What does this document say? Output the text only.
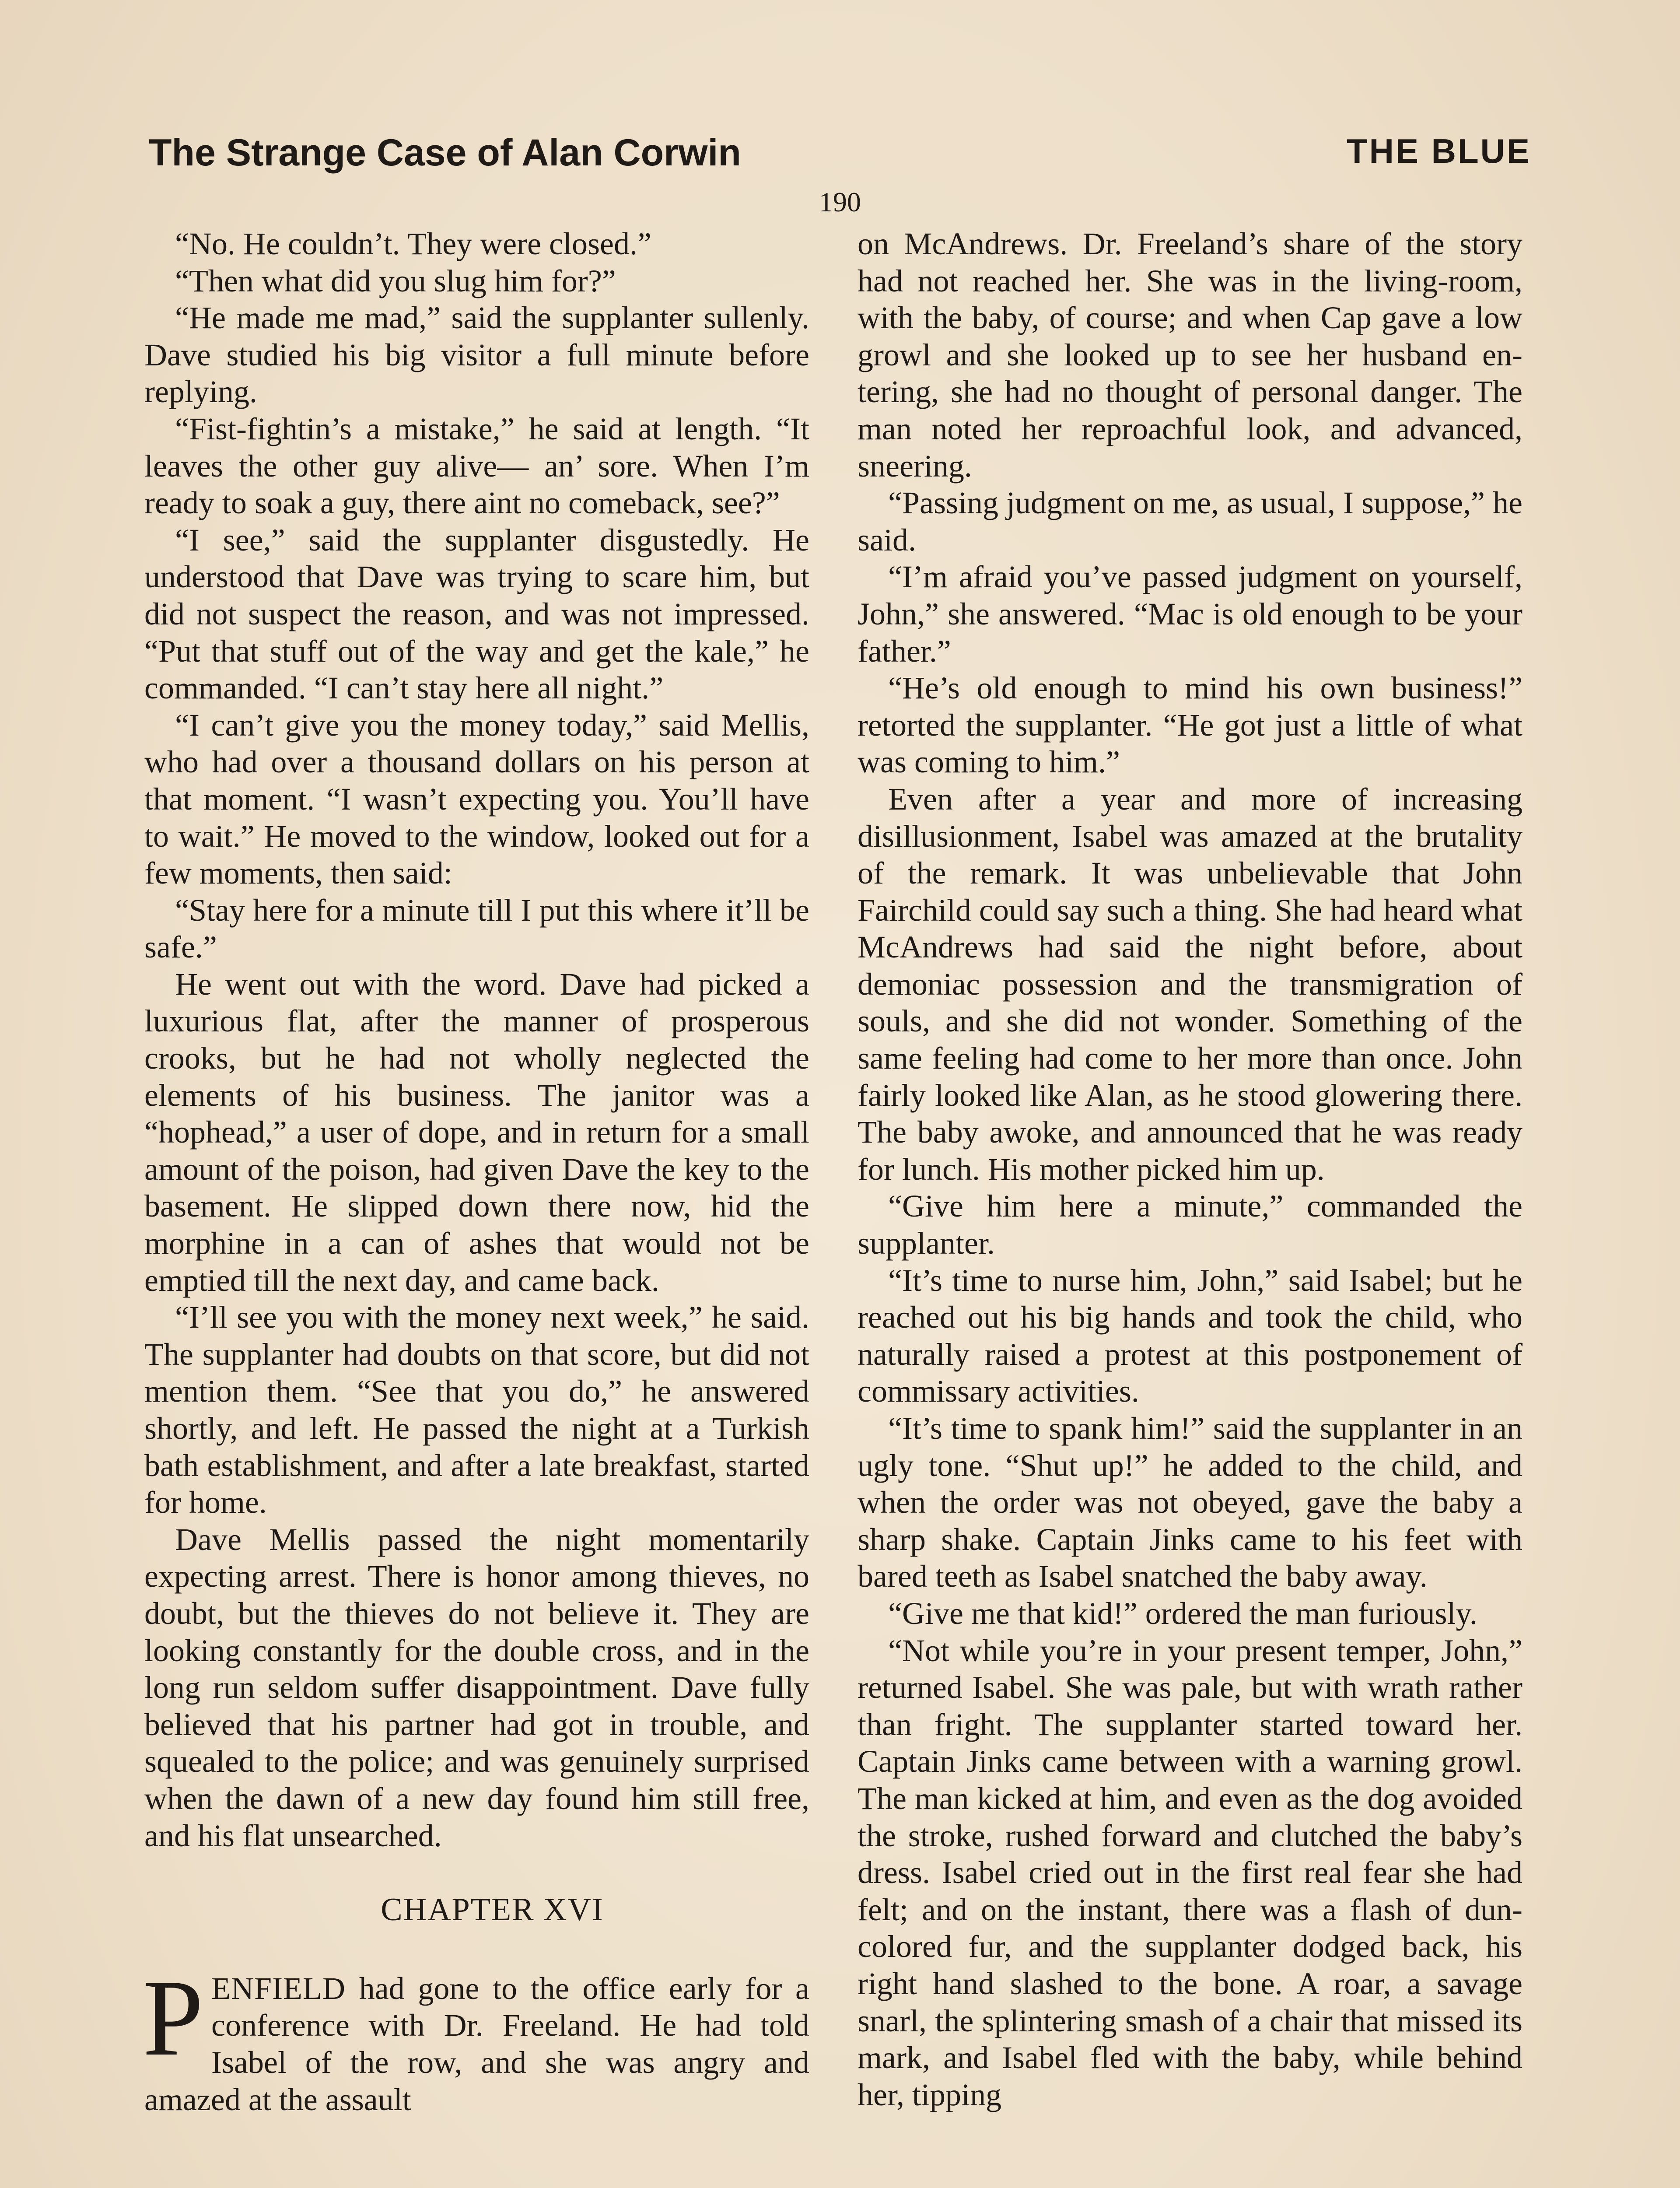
The Strange Case of Alan Corwin	THE BLUE
190

“No. He couldn’t. They were closed.”

“Then what did you slug him for?”

“He made me mad,” said the supplanter sullenly. Dave studied his big visitor a full minute before replying.

“Fist-fightin’s a mistake,” he said at length. “It leaves the other guy alive— an’ sore. When I’m ready to soak a guy, there aint no comeback, see?”

“I see,” said the supplanter disgustedly. He understood that Dave was trying to scare him, but did not suspect the reason, and was not impressed. “Put that stuff out of the way and get the kale,” he commanded. “I can’t stay here all night.”

“I can’t give you the money today,” said Mellis, who had over a thousand dollars on his person at that moment. “I wasn’t expecting you. You’ll have to wait.” He moved to the window, looked out for a few moments, then said:

“Stay here for a minute till I put this where it’ll be safe.”

He went out with the word. Dave had picked a luxurious flat, after the manner of prosperous crooks, but he had not wholly neglected the elements of his business. The janitor was a “hophead,” a user of dope, and in return for a small amount of the poison, had given Dave the key to the basement. He slipped down there now, hid the morphine in a can of ashes that would not be emptied till the next day, and came back.

“I’ll see you with the money next week,” he said. The supplanter had doubts on that score, but did not mention them. “See that you do,” he answered shortly, and left. He passed the night at a Turkish bath establishment, and after a late breakfast, started for home.

Dave Mellis passed the night momentarily expecting arrest. There is honor among thieves, no doubt, but the thieves do not believe it. They are looking constantly for the double cross, and in the long run seldom suffer disappointment. Dave fully believed that his partner had got in trouble, and squealed to the police; and was genuinely surprised when the dawn of a new day found him still free, and his flat unsearched.

CHAPTER XVI

PENFIELD had gone to the office early for a conference with Dr. Freeland. He had told Isabel of the row, and she was angry and amazed at the assault

on McAndrews. Dr. Freeland’s share of the story had not reached her. She was in the living-room, with the baby, of course; and when Cap gave a low growl and she looked up to see her husband entering, she had no thought of personal danger. The man noted her reproachful look, and advanced, sneering.

“Passing judgment on me, as usual, I suppose,” he said.

“I’m afraid you’ve passed judgment on yourself, John,” she answered. “Mac is old enough to be your father.”

“He’s old enough to mind his own business!” retorted the supplanter. “He got just a little of what was coming to him.”

Even after a year and more of increasing disillusionment, Isabel was amazed at the brutality of the remark. It was unbelievable that John Fairchild could say such a thing. She had heard what McAndrews had said the night before, about demoniac possession and the transmigration of souls, and she did not wonder. Something of the same feeling had come to her more than once. John fairly looked like Alan, as he stood glowering there. The baby awoke, and announced that he was ready for lunch. His mother picked him up.

“Give him here a minute,” commanded the supplanter.

“It’s time to nurse him, John,” said Isabel; but he reached out his big hands and took the child, who naturally raised a protest at this postponement of commissary activities.

“It’s time to spank him!” said the supplanter in an ugly tone. “Shut up!” he added to the child, and when the order was not obeyed, gave the baby a sharp shake. Captain Jinks came to his feet with bared teeth as Isabel snatched the baby away.

“Give me that kid!” ordered the man furiously.

“Not while you’re in your present temper, John,” returned Isabel. She was pale, but with wrath rather than fright. The supplanter started toward her. Captain Jinks came between with a warning growl. The man kicked at him, and even as the dog avoided the stroke, rushed forward and clutched the baby’s dress. Isabel cried out in the first real fear she had felt; and on the instant, there was a flash of dun-colored fur, and the supplanter dodged back, his right hand slashed to the bone. A roar, a savage snarl, the splintering smash of a chair that missed its mark, and Isabel fled with the baby, while behind her, tipping
